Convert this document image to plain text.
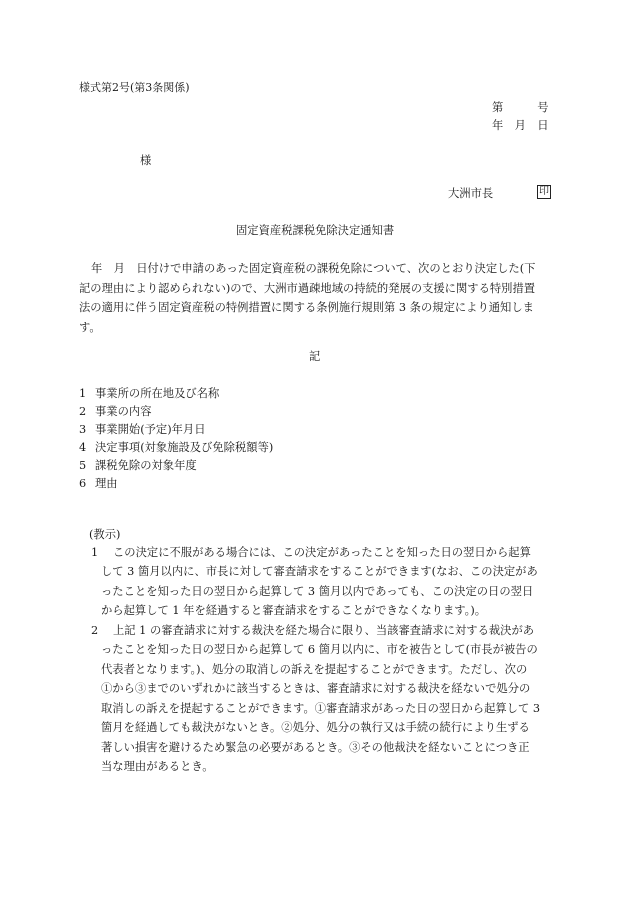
様式第2号(第3条関係)
第　　　号
年　月　日
様
大洲市長	印
固定資産税課税免除決定通知書
年　月　日付けで申請のあった固定資産税の課税免除について、次のとおり決定した(下
記の理由により認められない)ので、大洲市過疎地域の持続的発展の支援に関する特別措置
法の適用に伴う固定資産税の特例措置に関する条例施行規則第 3 条の規定により通知しま
す。
記
1 事業所の所在地及び名称
2 事業の内容
3 事業開始(予定)年月日
4 決定事項(対象施設及び免除税額等)
5 課税免除の対象年度
6 理由
(教示)
1 この決定に不服がある場合には、この決定があったことを知った日の翌日から起算
して 3 箇月以内に、市長に対して審査請求をすることができます(なお、この決定があ
ったことを知った日の翌日から起算して 3 箇月以内であっても、この決定の日の翌日
から起算して 1 年を経過すると審査請求をすることができなくなります。)。
2 上記 1 の審査請求に対する裁決を経た場合に限り、当該審査請求に対する裁決があ
ったことを知った日の翌日から起算して 6 箇月以内に、市を被告として(市長が被告の
代表者となります。)、処分の取消しの訴えを提起することができます。ただし、次の
①から③までのいずれかに該当するときは、審査請求に対する裁決を経ないで処分の
取消しの訴えを提起することができます。①審査請求があった日の翌日から起算して 3
箇月を経過しても裁決がないとき。②処分、処分の執行又は手続の続行により生ずる
著しい損害を避けるため緊急の必要があるとき。③その他裁決を経ないことにつき正
当な理由があるとき。
